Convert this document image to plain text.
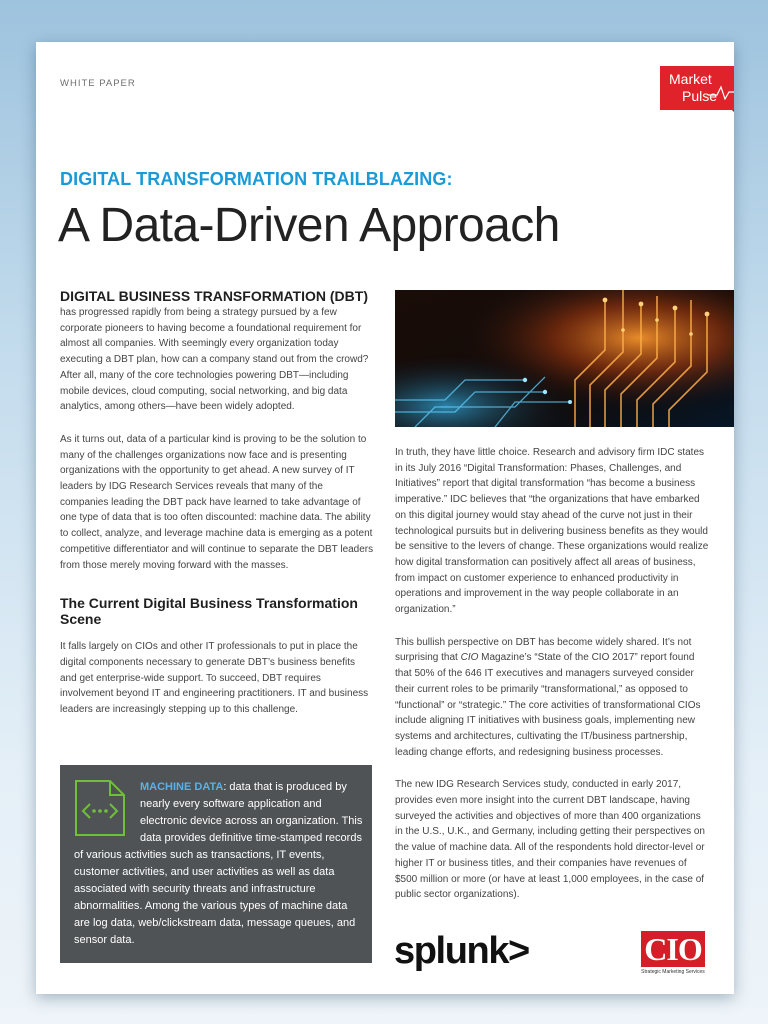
WHITE PAPER	Market
Pulse
DIGITAL TRANSFORMATION TRAILBLAZING:
A Data-Driven Approach
DIGITAL BUSINESS TRANSFORMATION (DBT)

has progressed rapidly from being a strategy pursued by a few corporate pioneers to having become a foundational requirement for almost all companies. With seemingly every organization today executing a DBT plan, how can a company stand out from the crowd? After all, many of the core technologies powering DBT—including mobile devices, cloud computing, social networking, and big data analytics, among others—have been widely adopted.

As it turns out, data of a particular kind is proving to be the solution to many of the challenges organizations now face and is presenting organizations with the opportunity to get ahead. A new survey of IT leaders by IDG Research Services reveals that many of the companies leading the DBT pack have learned to take advantage of one type of data that is too often discounted: machine data. The ability to collect, analyze, and leverage machine data is emerging as a potent competitive differentiator and will continue to separate the DBT leaders from those merely moving forward with the masses.

The Current Digital Business Transformation Scene

It falls largely on CIOs and other IT professionals to put in place the digital components necessary to generate DBT’s business benefits and get enterprise-wide support. To succeed, DBT requires involvement beyond IT and engineering practitioners. IT and business leaders are increasingly stepping up to this challenge.

In truth, they have little choice. Research and advisory firm IDC states in its July 2016 “Digital Transformation: Phases, Challenges, and Initiatives” report that digital transformation “has become a business imperative.” IDC believes that “the organizations that have embarked on this digital journey would stay ahead of the curve not just in their technological pursuits but in delivering business benefits as they would be sensitive to the levers of change. These organizations would realize how digital transformation can positively affect all areas of business, from impact on customer experience to enhanced productivity in operations and improvement in the way people collaborate in an organization.”

This bullish perspective on DBT has become widely shared. It’s not surprising that CIO Magazine’s “State of the CIO 2017” report found that 50% of the 646 IT executives and managers surveyed consider their current roles to be primarily “transformational,” as opposed to “functional” or “strategic.” The core activities of transformational CIOs include aligning IT initiatives with business goals, implementing new systems and architectures, cultivating the IT/business partnership, leading change efforts, and redesigning business processes.

The new IDG Research Services study, conducted in early 2017, provides even more insight into the current DBT landscape, having surveyed the activities and objectives of more than 400 organizations in the U.S., U.K., and Germany, including getting their perspectives on the value of machine data. All of the respondents hold director-level or higher IT or business titles, and their companies have revenues of $500 million or more (or have at least 1,000 employees, in the case of public sector organizations).

MACHINE DATA: data that is produced by nearly every software application and electronic device across an organization. This data provides definitive time-stamped records of various activities such as transactions, IT events, customer activities, and user activities as well as data associated with security threats and infrastructure abnormalities. Among the various types of machine data are log data, web/clickstream data, message queues, and sensor data.	splunk>	CIO
Strategic Marketing Services
